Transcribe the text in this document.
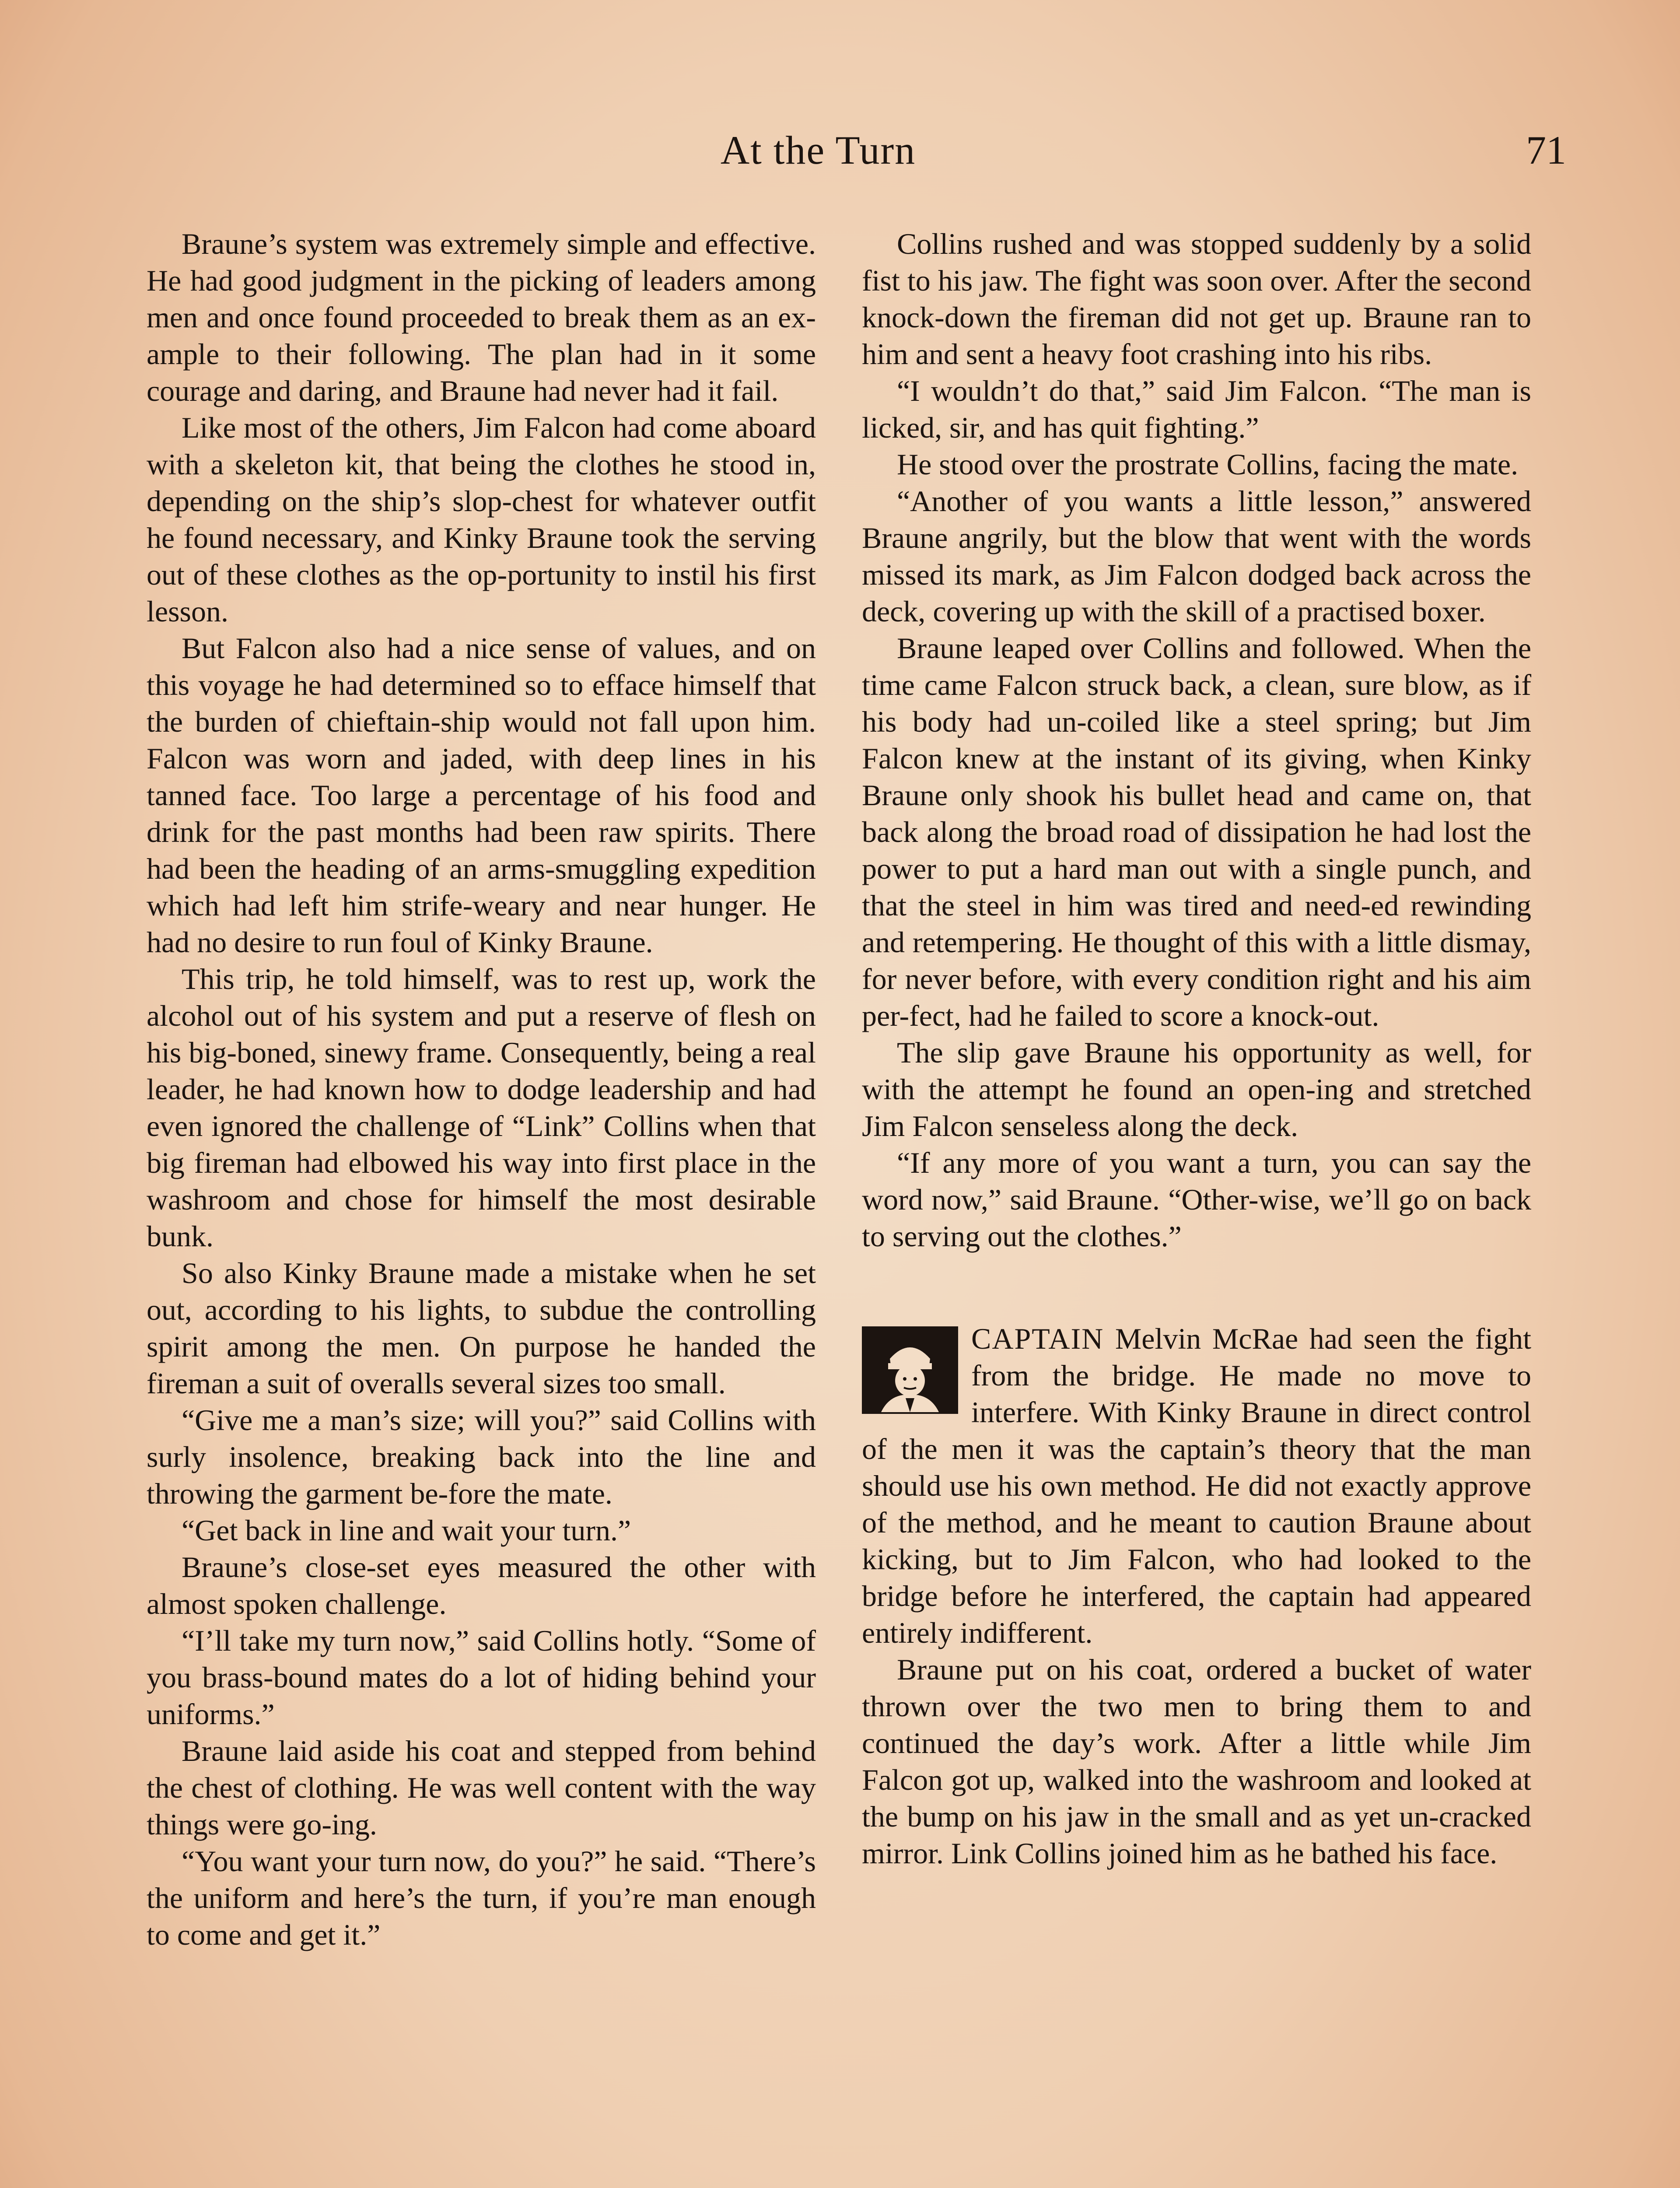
At the Turn	71

Braune’s system was extremely simple and effective. He had good judgment in the picking of leaders among men and once found proceeded to break them as an ex-ample to their following. The plan had in it some courage and daring, and Braune had never had it fail.

Like most of the others, Jim Falcon had come aboard with a skeleton kit, that being the clothes he stood in, depending on the ship’s slop-chest for whatever outfit he found necessary, and Kinky Braune took the serving out of these clothes as the op-portunity to instil his first lesson.

But Falcon also had a nice sense of values, and on this voyage he had determined so to efface himself that the burden of chieftain-ship would not fall upon him. Falcon was worn and jaded, with deep lines in his tanned face. Too large a percentage of his food and drink for the past months had been raw spirits. There had been the heading of an arms-smuggling expedition which had left him strife-weary and near hunger. He had no desire to run foul of Kinky Braune.

This trip, he told himself, was to rest up, work the alcohol out of his system and put a reserve of flesh on his big-boned, sinewy frame. Consequently, being a real leader, he had known how to dodge leadership and had even ignored the challenge of “Link” Collins when that big fireman had elbowed his way into first place in the washroom and chose for himself the most desirable bunk.

So also Kinky Braune made a mistake when he set out, according to his lights, to subdue the controlling spirit among the men. On purpose he handed the fireman a suit of overalls several sizes too small.

“Give me a man’s size; will you?” said Collins with surly insolence, breaking back into the line and throwing the garment be-fore the mate.

“Get back in line and wait your turn.”

Braune’s close-set eyes measured the other with almost spoken challenge.

“I’ll take my turn now,” said Collins hotly. “Some of you brass-bound mates do a lot of hiding behind your uniforms.”

Braune laid aside his coat and stepped from behind the chest of clothing. He was well content with the way things were go-ing.

“You want your turn now, do you?” he said. “There’s the uniform and here’s the turn, if you’re man enough to come and get it.”

Collins rushed and was stopped suddenly by a solid fist to his jaw. The fight was soon over. After the second knock-down the fireman did not get up. Braune ran to him and sent a heavy foot crashing into his ribs.

“I wouldn’t do that,” said Jim Falcon. “The man is licked, sir, and has quit fighting.”

He stood over the prostrate Collins, facing the mate.

“Another of you wants a little lesson,” answered Braune angrily, but the blow that went with the words missed its mark, as Jim Falcon dodged back across the deck, covering up with the skill of a practised boxer.

Braune leaped over Collins and followed. When the time came Falcon struck back, a clean, sure blow, as if his body had un-coiled like a steel spring; but Jim Falcon knew at the instant of its giving, when Kinky Braune only shook his bullet head and came on, that back along the broad road of dissipation he had lost the power to put a hard man out with a single punch, and that the steel in him was tired and need-ed rewinding and retempering. He thought of this with a little dismay, for never before, with every condition right and his aim per-fect, had he failed to score a knock-out.

The slip gave Braune his opportunity as well, for with the attempt he found an open-ing and stretched Jim Falcon senseless along the deck.

“If any more of you want a turn, you can say the word now,” said Braune. “Other-wise, we’ll go on back to serving out the clothes.”

CAPTAIN Melvin McRae had seen the fight from the bridge. He made no move to interfere. With Kinky Braune in direct control of the men it was the captain’s theory that the man should use his own method. He did not exactly approve of the method, and he meant to caution Braune about kicking, but to Jim Falcon, who had looked to the bridge before he interfered, the captain had appeared entirely indifferent.

Braune put on his coat, ordered a bucket of water thrown over the two men to bring them to and continued the day’s work. After a little while Jim Falcon got up, walked into the washroom and looked at the bump on his jaw in the small and as yet un-cracked mirror. Link Collins joined him as he bathed his face.
